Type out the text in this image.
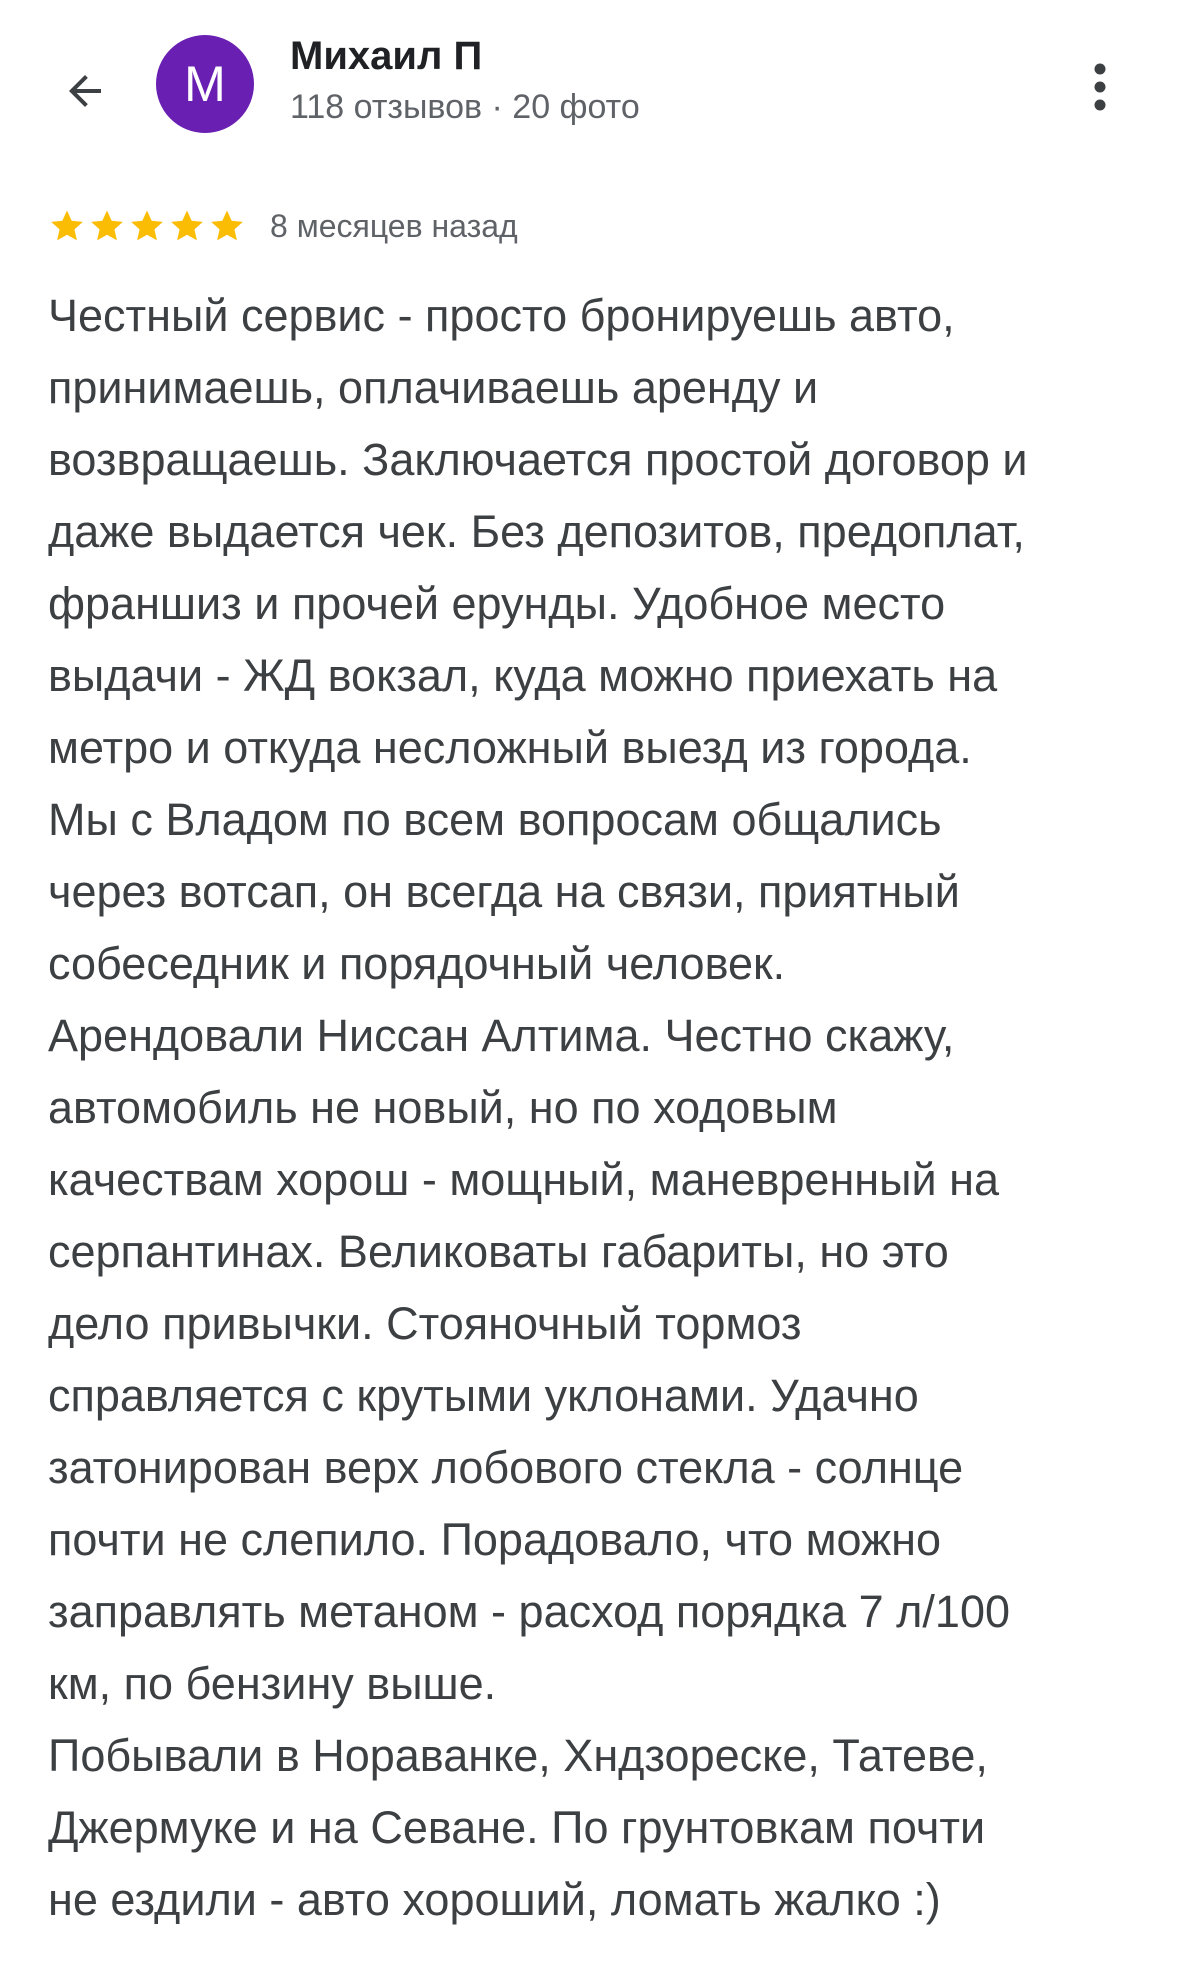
М	Михаил П
118 отзывов · 20 фото
8 месяцев назад
Честный сервис - просто бронируешь авто,
принимаешь, оплачиваешь аренду и
возвращаешь. Заключается простой договор и
даже выдается чек. Без депозитов, предоплат,
франшиз и прочей ерунды. Удобное место
выдачи - ЖД вокзал, куда можно приехать на
метро и откуда несложный выезд из города.
Мы с Владом по всем вопросам общались
через вотсап, он всегда на связи, приятный
собеседник и порядочный человек.
Арендовали Ниссан Алтима. Честно скажу,
автомобиль не новый, но по ходовым
качествам хорош - мощный, маневренный на
серпантинах. Великоваты габариты, но это
дело привычки. Стояночный тормоз
справляется с крутыми уклонами. Удачно
затонирован верх лобового стекла - солнце
почти не слепило. Порадовало, что можно
заправлять метаном - расход порядка 7 л/100
км, по бензину выше.
Побывали в Нораванке, Хндзореске, Татеве,
Джермуке и на Севане. По грунтовкам почти
не ездили - авто хороший, ломать жалко :)
